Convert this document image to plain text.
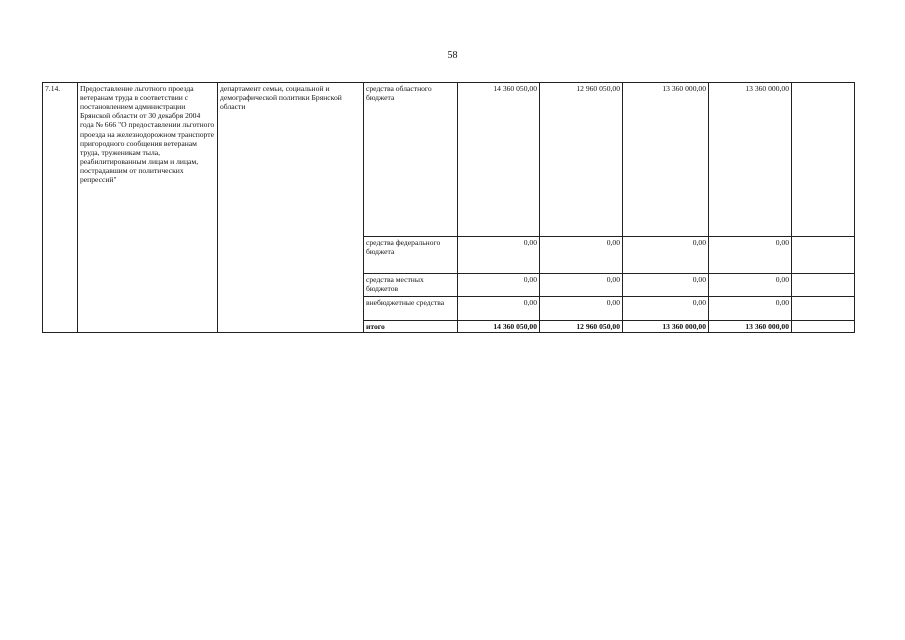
58
7.14.	Предоставление льготного проезда ветеранам труда в соответствии с постановлением администрации Брянской области от 30 декабря 2004 года № 666 "О предоставлении льготного проезда на железнодорожном транспорте пригородного сообщения ветеранам труда, труженикам тыла, реабилитированным лицам и лицам, пострадавшим от политических репрессий"	департамент семьи, социальной и демографической политики Брянской области	средства областного бюджета	14 360 050,00	12 960 050,00	13 360 000,00	13 360 000,00	
			средства федерального бюджета	0,00	0,00	0,00	0,00	
			средства местных бюджетов	0,00	0,00	0,00	0,00	
			внебюджетные средства	0,00	0,00	0,00	0,00	
			итого	14 360 050,00	12 960 050,00	13 360 000,00	13 360 000,00	
